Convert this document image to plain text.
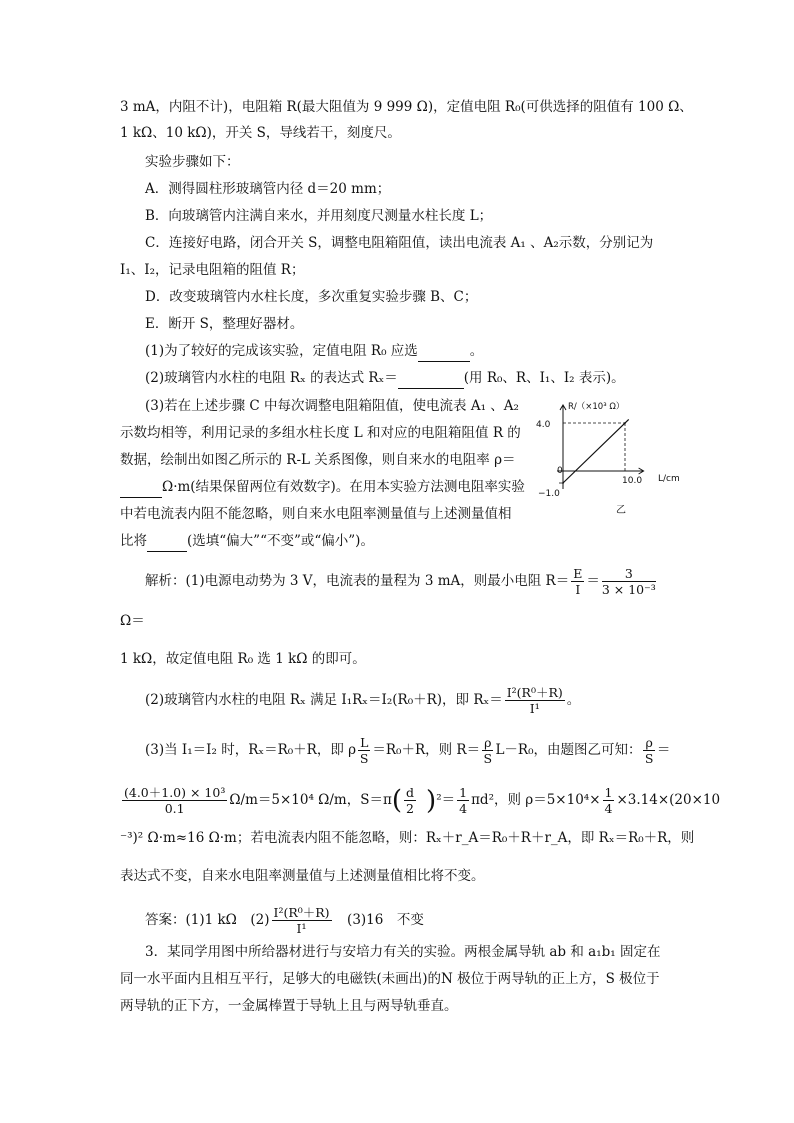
3 mA，内阻不计)，电阻箱 R(最大阻值为 9 999 Ω)，定值电阻 R₀(可供选择的阻值有 100 Ω、
1 kΩ、10 kΩ)，开关 S，导线若干，刻度尺。
实验步骤如下：
A．测得圆柱形玻璃管内径 d＝20 mm；
B．向玻璃管内注满自来水，并用刻度尺测量水柱长度 L；
C．连接好电路，闭合开关 S，调整电阻箱阻值，读出电流表 A₁ 、A₂示数，分别记为
I₁、I₂，记录电阻箱的阻值 R；
D．改变玻璃管内水柱长度，多次重复实验步骤 B、C；
E．断开 S，整理好器材。
(1)为了较好的完成该实验，定值电阻 R₀ 应选	。
(2)玻璃管内水柱的电阻 Rₓ 的表达式 Rₓ＝	(用 R₀、R、I₁、I₂ 表示)。
(3)若在上述步骤 C 中每次调整电阻箱阻值，使电流表 A₁ 、A₂
示数均相等，利用记录的多组水柱长度 L 和对应的电阻箱阻值 R 的
数据，绘制出如图乙所示的 R-L 关系图像，则自来水的电阻率 ρ＝
Ω·m(结果保留两位有效数字)。在用本实验方法测电阻率实验
中若电流表内阻不能忽略，则自来水电阻率测量值与上述测量值相
比将	(选填“偏大”“不变”或“偏小”)。
R/（×10³ Ω）
L/cm
4.0
0
−1.0
10.0
乙
解析：(1)电源电动势为 3 V，电流表的量程为 3 mA，则最小电阻 $R= \frac{E}{I} = \frac{3}{\text{3 × 10⁻³}}$
Ω＝
1 kΩ，故定值电阻 R₀ 选 1 kΩ 的即可。
(2)玻璃管内水柱的电阻 Rₓ 满足 I₁Rₓ＝I₂(R₀＋R)，即 $R_x= \frac{\text{I²(R⁰＋R)}}{\text{I¹}}$ 。
(3)当 I₁＝I₂ 时，Rₓ＝R₀＋R，即 ρ $\frac{L}{S} =R_0+R$，则 $R= \frac{\rho}{S} L-R_0$，由题图乙可知： $\frac{\rho}{S}$ ＝
$\frac{\text{(4.0＋1.0) × 10³}}{0.1} \Omega/m=5\times 10^4$ Ω/m，$S=\pi( \frac{d}{2} )^2= \frac{1}{4} \pi d^2$，则 $\rho=5\times 10^4\times \frac{1}{4} \times 3.14\times(20\times 10$
⁻³)² Ω·m≈16 Ω·m；若电流表内阻不能忽略，则：Rₓ＋r_A＝R₀＋R＋r_A，即 Rₓ＝R₀＋R，则
表达式不变，自来水电阻率测量值与上述测量值相比将不变。
答案：(1)1 kΩ　$(2) \frac{\text{I²(R⁰＋R)}}{\text{I¹}}$ 　(3)16　不变
3．某同学用图中所给器材进行与安培力有关的实验。两根金属导轨 ab 和 a₁b₁ 固定在
同一水平面内且相互平行，足够大的电磁铁(未画出)的N 极位于两导轨的正上方，S 极位于
两导轨的正下方，一金属棒置于导轨上且与两导轨垂直。
